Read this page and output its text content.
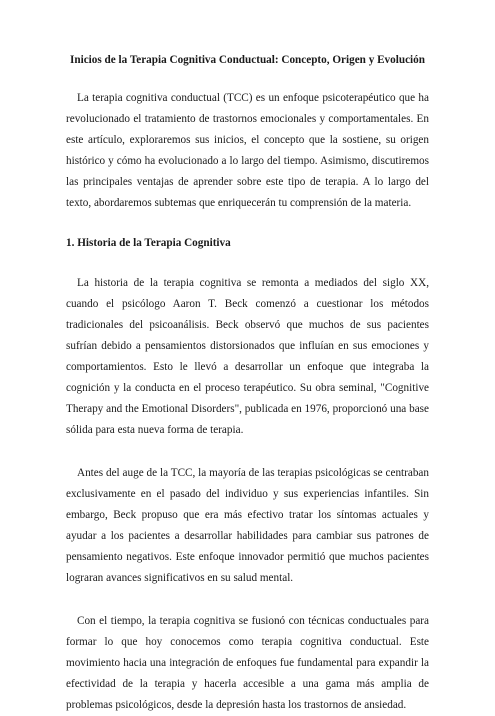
Inicios de la Terapia Cognitiva Conductual: Concepto, Origen y Evolución

La terapia cognitiva conductual (TCC) es un enfoque psicoterapéutico que ha revolucionado el tratamiento de trastornos emocionales y comportamentales. En este artículo, exploraremos sus inicios, el concepto que la sostiene, su origen histórico y cómo ha evolucionado a lo largo del tiempo. Asimismo, discutiremos las principales ventajas de aprender sobre este tipo de terapia. A lo largo del texto, abordaremos subtemas que enriquecerán tu comprensión de la materia.

1. Historia de la Terapia Cognitiva

La historia de la terapia cognitiva se remonta a mediados del siglo XX, cuando el psicólogo Aaron T. Beck comenzó a cuestionar los métodos tradicionales del psicoanálisis. Beck observó que muchos de sus pacientes sufrían debido a pensamientos distorsionados que influían en sus emociones y comportamientos. Esto le llevó a desarrollar un enfoque que integraba la cognición y la conducta en el proceso terapéutico. Su obra seminal, "Cognitive Therapy and the Emotional Disorders", publicada en 1976, proporcionó una base sólida para esta nueva forma de terapia.

Antes del auge de la TCC, la mayoría de las terapias psicológicas se centraban exclusivamente en el pasado del individuo y sus experiencias infantiles. Sin embargo, Beck propuso que era más efectivo tratar los síntomas actuales y ayudar a los pacientes a desarrollar habilidades para cambiar sus patrones de pensamiento negativos. Este enfoque innovador permitió que muchos pacientes lograran avances significativos en su salud mental.

Con el tiempo, la terapia cognitiva se fusionó con técnicas conductuales para formar lo que hoy conocemos como terapia cognitiva conductual. Este movimiento hacia una integración de enfoques fue fundamental para expandir la efectividad de la terapia y hacerla accesible a una gama más amplia de problemas psicológicos, desde la depresión hasta los trastornos de ansiedad.
